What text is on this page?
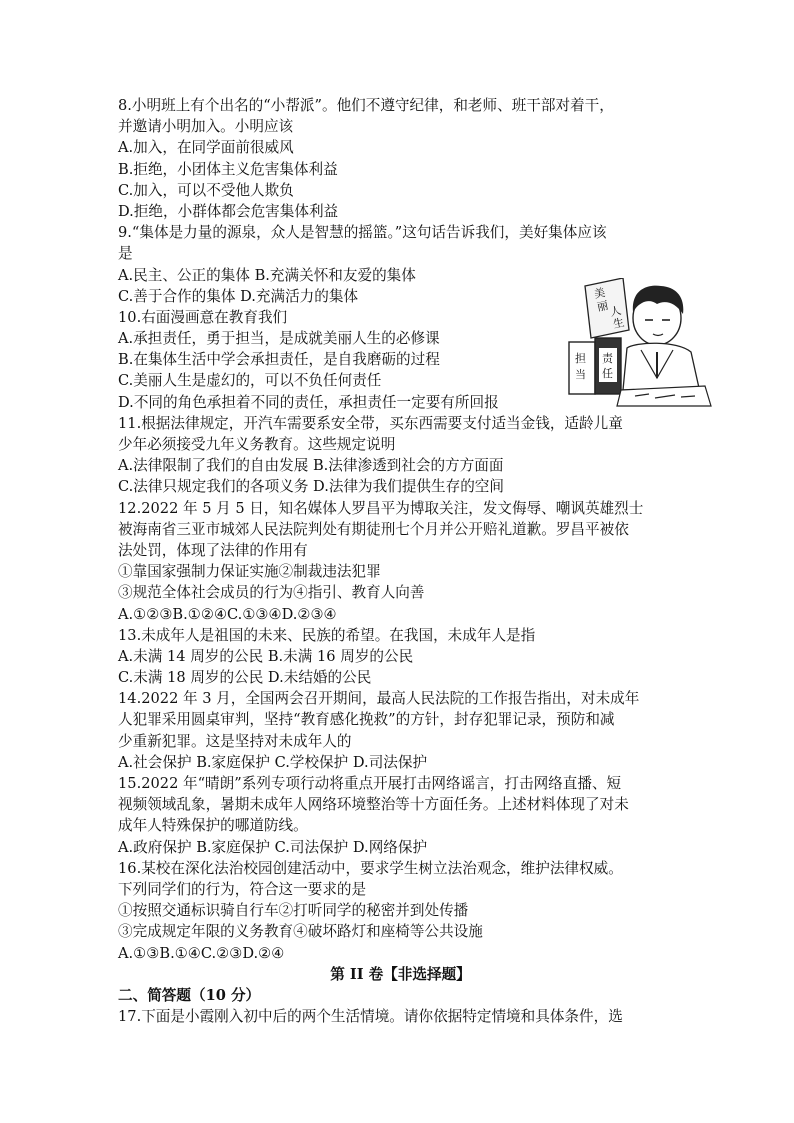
8.小明班上有个出名的“小帮派”。他们不遵守纪律，和老师、班干部对着干，
并邀请小明加入。小明应该
A.加入，在同学面前很威风
B.拒绝，小团体主义危害集体利益
C.加入，可以不受他人欺负
D.拒绝，小群体都会危害集体利益
9.“集体是力量的源泉，众人是智慧的摇篮。”这句话告诉我们，美好集体应该
是
A.民主、公正的集体 B.充满关怀和友爱的集体
C.善于合作的集体 D.充满活力的集体
10.右面漫画意在教育我们
A.承担责任，勇于担当，是成就美丽人生的必修课
B.在集体生活中学会承担责任，是自我磨砺的过程
C.美丽人生是虚幻的，可以不负任何责任
D.不同的角色承担着不同的责任，承担责任一定要有所回报
11.根据法律规定，开汽车需要系安全带，买东西需要支付适当金钱，适龄儿童
少年必须接受九年义务教育。这些规定说明
A.法律限制了我们的自由发展 B.法律渗透到社会的方方面面
C.法律只规定我们的各项义务 D.法律为我们提供生存的空间
12.2022 年 5 月 5 日，知名媒体人罗昌平为博取关注，发文侮辱、嘲讽英雄烈士
被海南省三亚市城郊人民法院判处有期徒刑七个月并公开赔礼道歉。罗昌平被依
法处罚，体现了法律的作用有
①靠国家强制力保证实施②制裁违法犯罪
③规范全体社会成员的行为④指引、教育人向善
A.①②③B.①②④C.①③④D.②③④
13.未成年人是祖国的未来、民族的希望。在我国，未成年人是指
A.未满 14 周岁的公民 B.未满 16 周岁的公民
C.未满 18 周岁的公民 D.未结婚的公民
14.2022 年 3 月，全国两会召开期间，最高人民法院的工作报告指出，对未成年
人犯罪采用圆桌审判，坚持“教育感化挽救”的方针，封存犯罪记录，预防和减
少重新犯罪。这是坚持对未成年人的
A.社会保护 B.家庭保护 C.学校保护 D.司法保护
15.2022 年“晴朗”系列专项行动将重点开展打击网络谣言，打击网络直播、短
视频领域乱象，暑期未成年人网络环境整治等十方面任务。上述材料体现了对未
成年人特殊保护的哪道防线。
A.政府保护 B.家庭保护 C.司法保护 D.网络保护
16.某校在深化法治校园创建活动中，要求学生树立法治观念，维护法律权威。
下列同学们的行为，符合这一要求的是
①按照交通标识骑自行车②打听同学的秘密并到处传播
③完成规定年限的义务教育④破坏路灯和座椅等公共设施
A.①③B.①④C.②③D.②④
第 II 卷【非选择题】
二、简答题（10 分）
17.下面是小霞刚入初中后的两个生活情境。请你依据特定情境和具体条件，选
美
丽 人
生
担
当
责
任
